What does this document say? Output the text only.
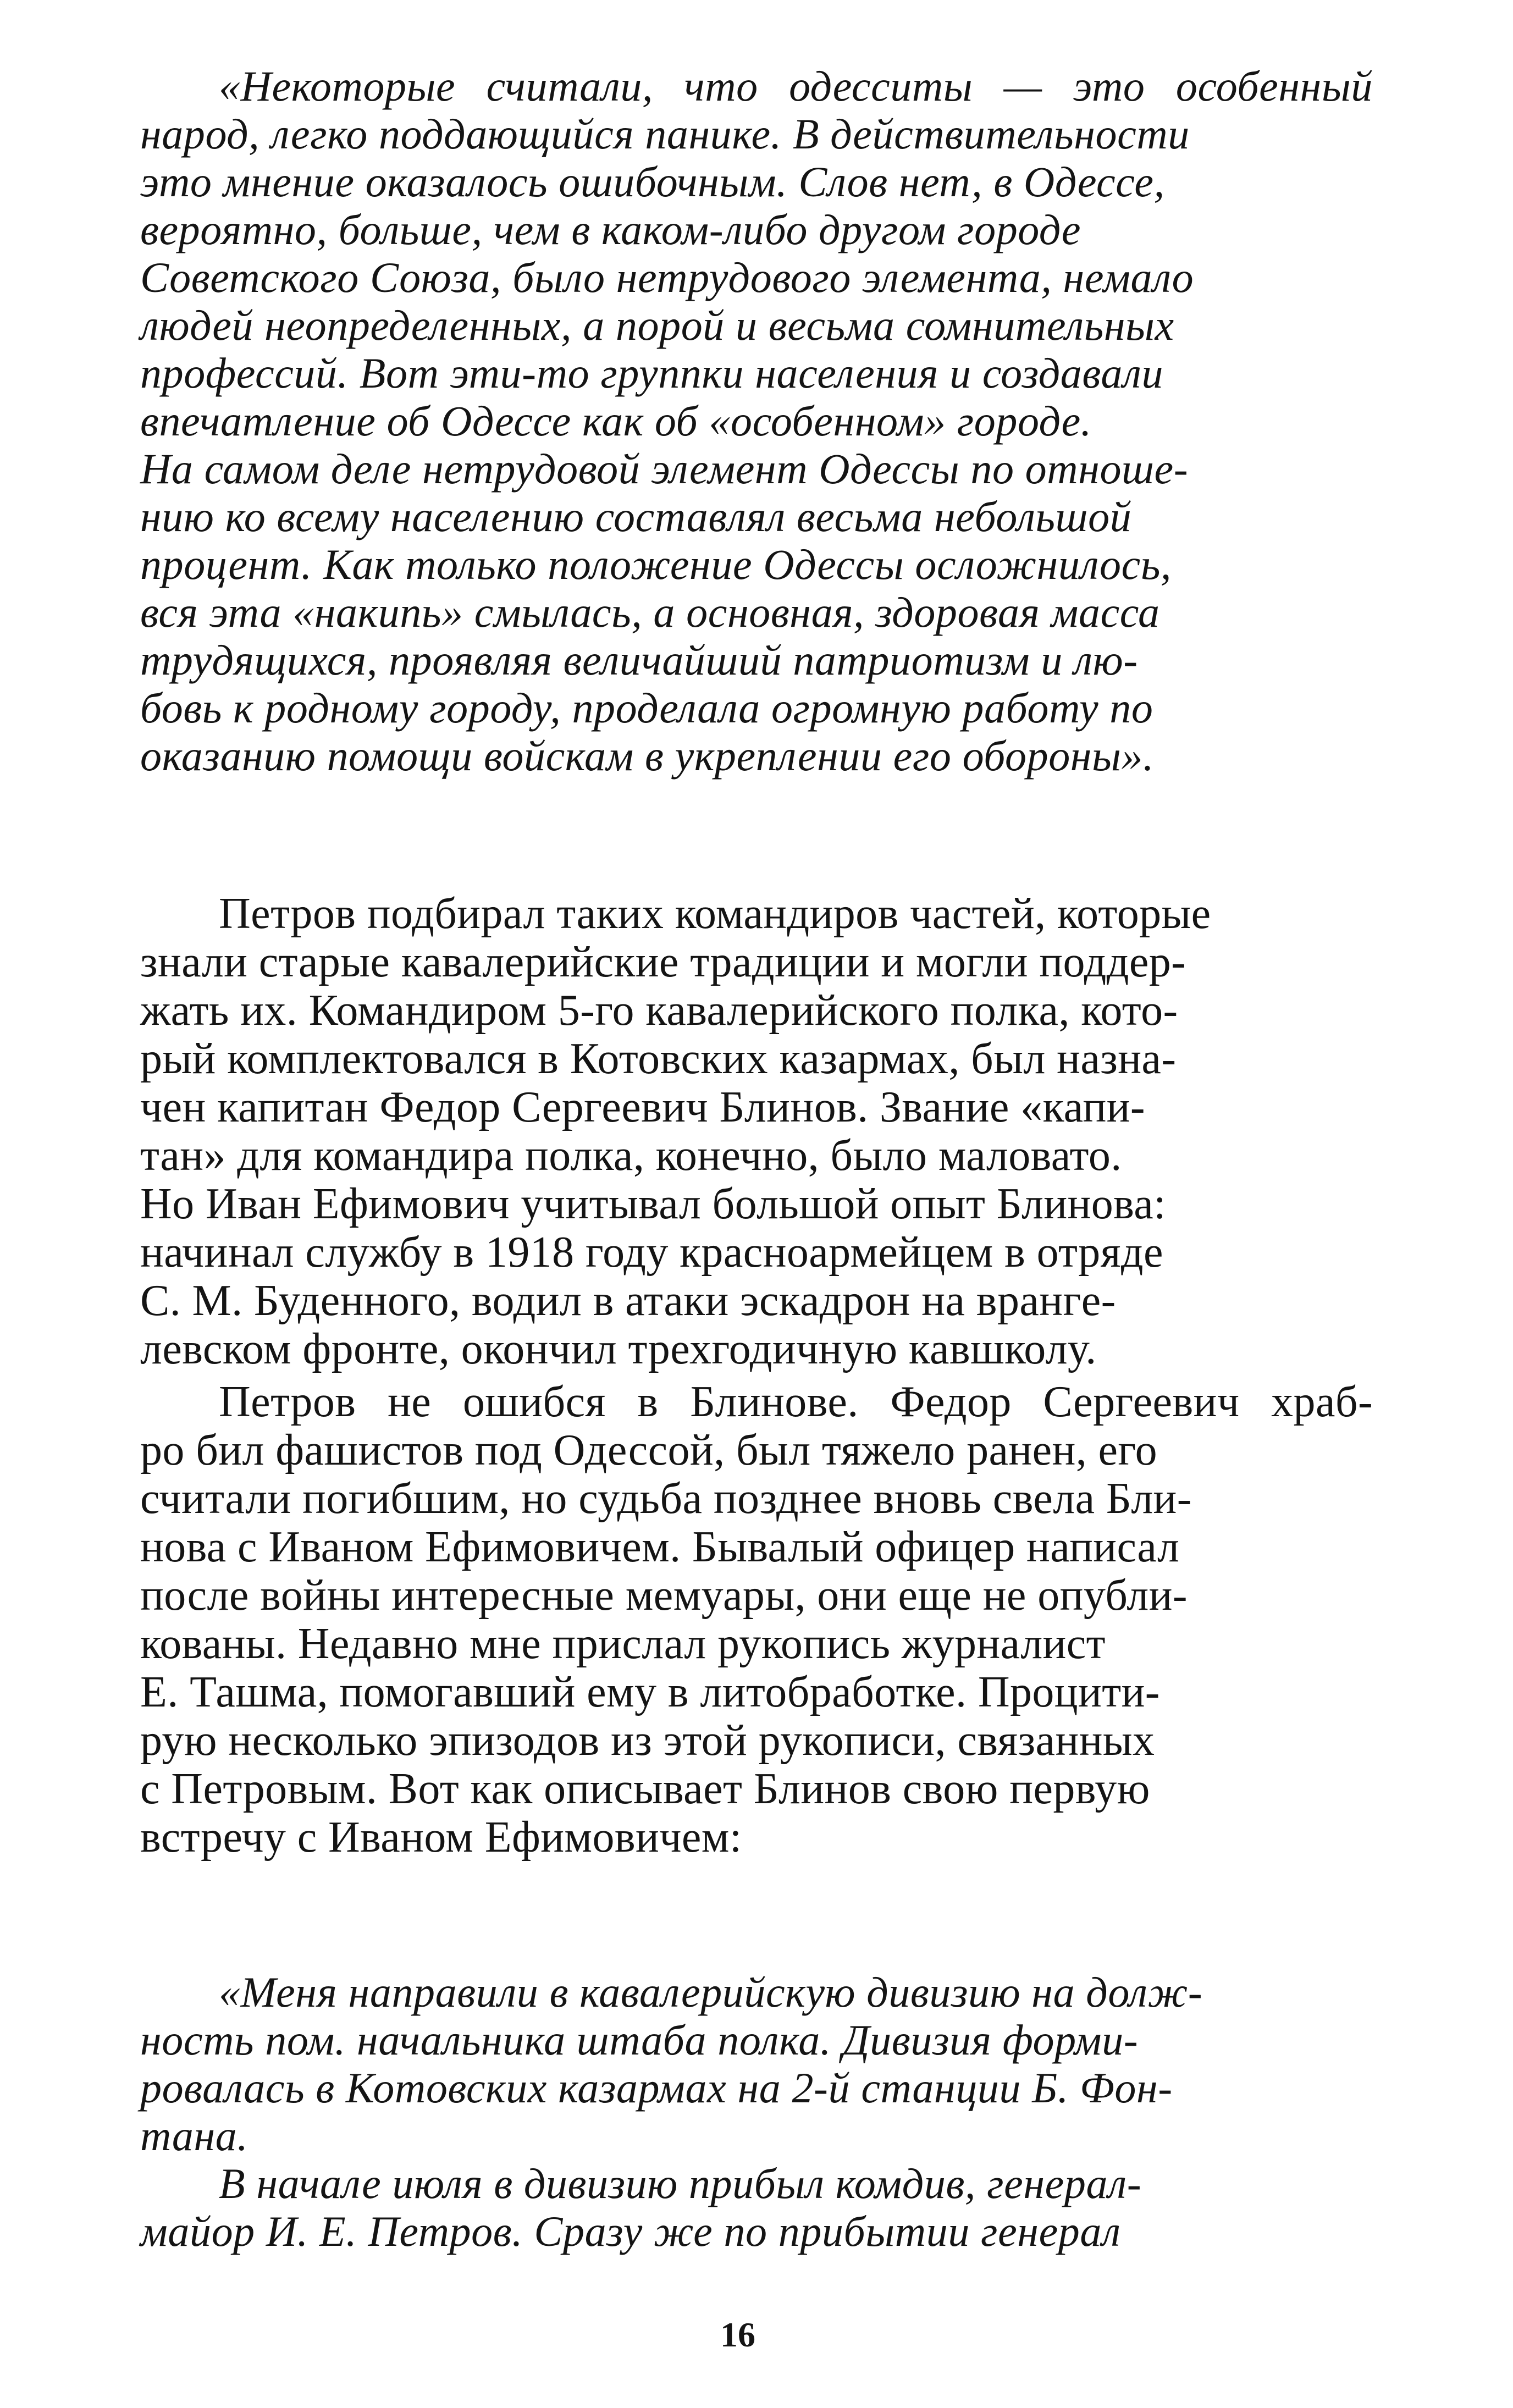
«Некоторые считали, что одесситы — это особенный
народ, легко поддающийся панике. В действительности
это мнение оказалось ошибочным. Слов нет, в Одессе,
вероятно, больше, чем в каком-либо другом городе
Советского Союза, было нетрудового элемента, немало
людей неопределенных, а порой и весьма сомнительных
профессий. Вот эти-то группки населения и создавали
впечатление об Одессе как об «особенном» городе.
На самом деле нетрудовой элемент Одессы по отноше-
нию ко всему населению составлял весьма небольшой
процент. Как только положение Одессы осложнилось,
вся эта «накипь» смылась, а основная, здоровая масса
трудящихся, проявляя величайший патриотизм и лю-
бовь к родному городу, проделала огромную работу по
оказанию помощи войскам в укреплении его обороны».
Петров подбирал таких командиров частей, которые
знали старые кавалерийские традиции и могли поддер-
жать их. Командиром 5-го кавалерийского полка, кото-
рый комплектовался в Котовских казармах, был назна-
чен капитан Федор Сергеевич Блинов. Звание «капи-
тан» для командира полка, конечно, было маловато.
Но Иван Ефимович учитывал большой опыт Блинова:
начинал службу в 1918 году красноармейцем в отряде
С. М. Буденного, водил в атаки эскадрон на врангe-
левском фронте, окончил трехгодичную кавшколу.
Петров не ошибся в Блинове. Федор Сергеевич храб-
ро бил фашистов под Одессой, был тяжело ранен, его
считали погибшим, но судьба позднее вновь свела Бли-
нова с Иваном Ефимовичем. Бывалый офицер написал
после войны интересные мемуары, они еще не опубли-
кованы. Недавно мне прислал рукопись журналист
Е. Ташма, помогавший ему в литобработке. Процити-
рую несколько эпизодов из этой рукописи, связанных
с Петровым. Вот как описывает Блинов свою первую
встречу с Иваном Ефимовичем:
«Меня направили в кавалерийскую дивизию на долж-
ность пом. начальника штаба полка. Дивизия форми-
ровалась в Котовских казармах на 2-й станции Б. Фон-
тана.
В начале июля в дивизию прибыл комдив, генерал-
майор И. Е. Петров. Сразу же по прибытии генерал
16
